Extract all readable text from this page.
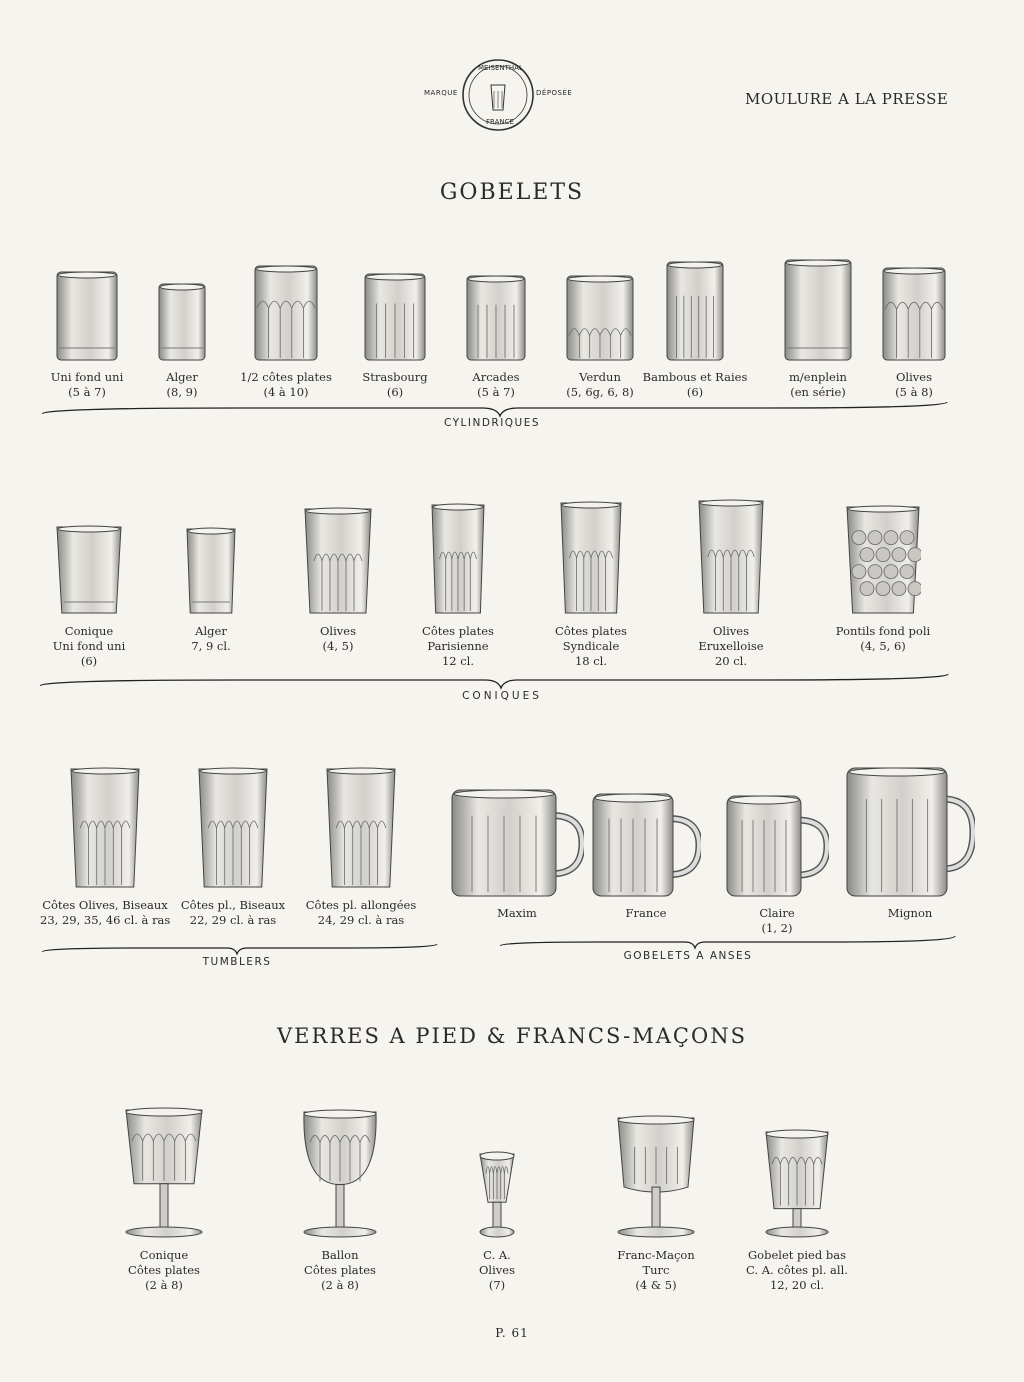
MARQUE	DÉPOSÉE
MEISENTHAL
FRANCE
MOULURE A LA PRESSE
GOBELETS
Uni fond uni
(5 à 7)
Alger
(8, 9)
1/2 côtes plates
(4 à 10)
Strasbourg
(6)
Arcades
(5 à 7)
Verdun
(5, 6g, 6, 8)
Bambous et Raies
(6)
m/enplein
(en série)
Olives
(5 à 8)
CYLINDRIQUES
Conique
Uni fond uni
(6)
Alger
7, 9 cl.
Olives
(4, 5)
Côtes plates
Parisienne
12 cl.
Côtes plates
Syndicale
18 cl.
Olives
Eruxelloise
20 cl.
Pontils fond poli
(4, 5, 6)
CONIQUES
Côtes Olives, Biseaux
23, 29, 35, 46 cl. à ras
Côtes pl., Biseaux
22, 29 cl. à ras
Côtes pl. allongées
24, 29 cl. à ras	Maxim	France	Claire
(1, 2)
Mignon
TUMBLERS	GOBELETS A ANSES
VERRES A PIED & FRANCS-MAÇONS
Conique
Côtes plates
(2 à 8)
Ballon
Côtes plates
(2 à 8)
C. A.
Olives
(7)
Franc-Maçon
Turc
(4 & 5)
Gobelet pied bas
C. A. côtes pl. all.
12, 20 cl.
P. 61
